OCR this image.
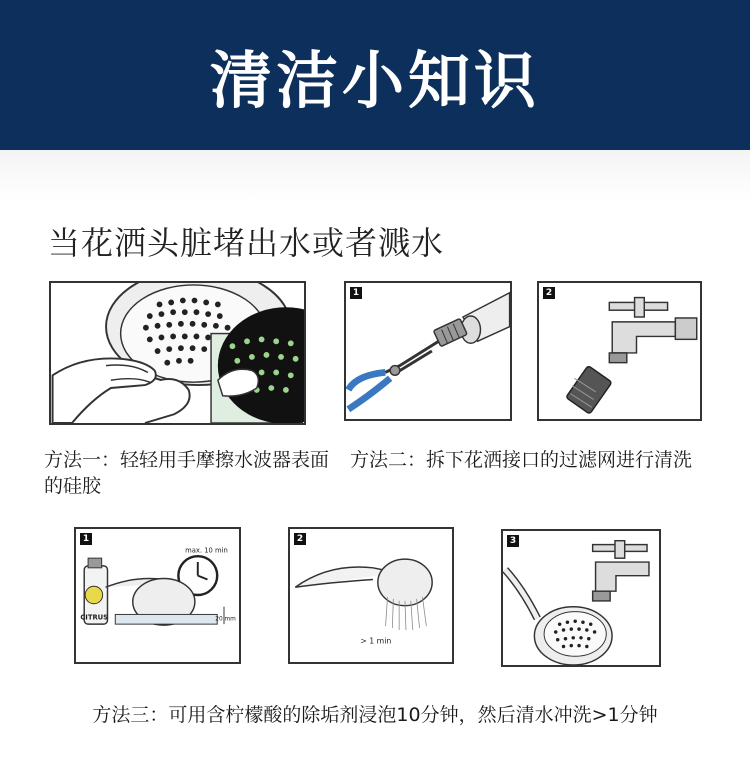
清洁小知识
当花洒头脏堵出水或者溅水
1	2
方法一：轻轻用手摩擦水波器表面的硅胶
方法二：拆下花洒接口的过滤网进行清洗
1
max. 10 min
CITRUS	20 mm
2
> 1 min
3
方法三：可用含柠檬酸的除垢剂浸泡10分钟，然后清水冲洗>1分钟
